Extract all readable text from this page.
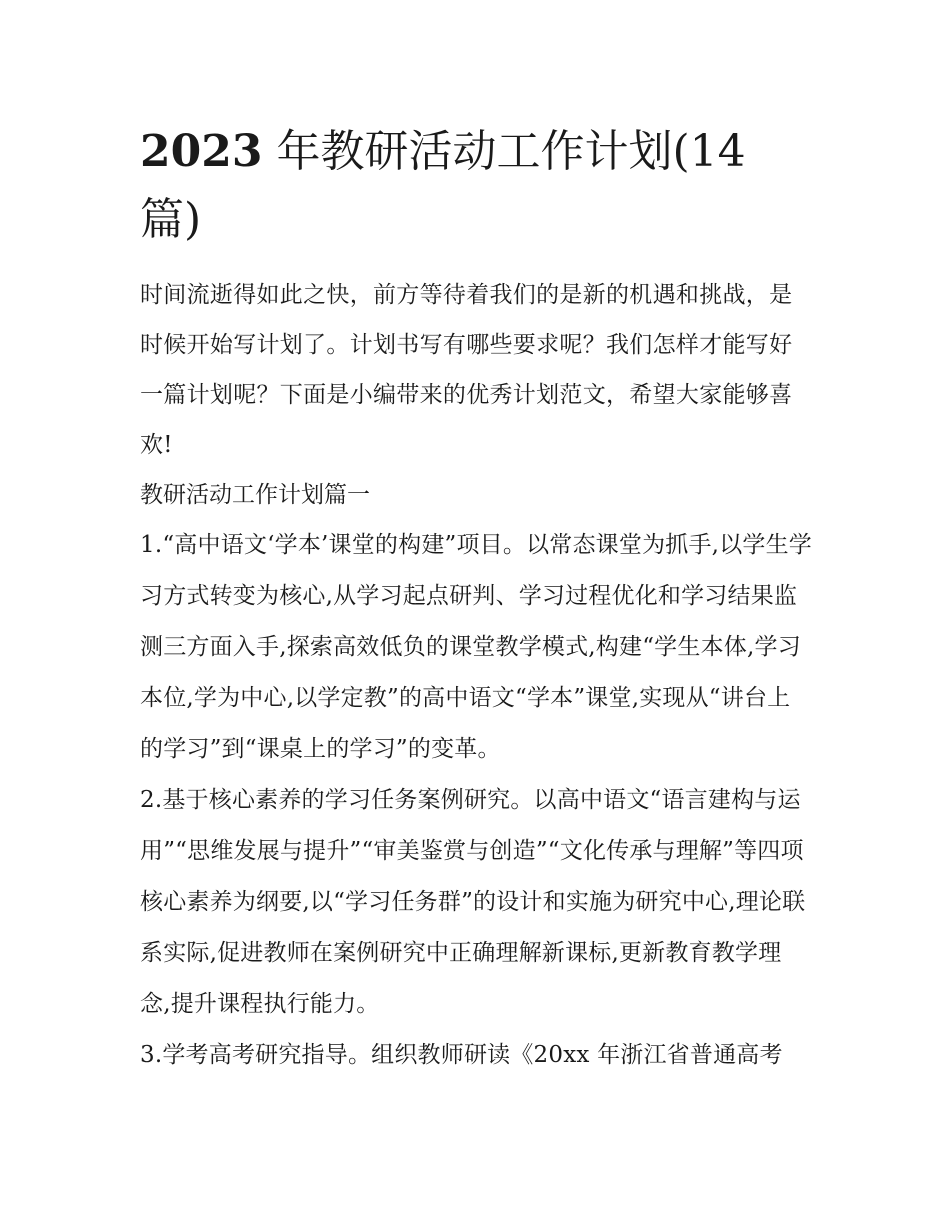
2023 年教研活动工作计划(14 篇)

时间流逝得如此之快，前方等待着我们的是新的机遇和挑战，是时候开始写计划了。计划书写有哪些要求呢？我们怎样才能写好一篇计划呢？下面是小编带来的优秀计划范文，希望大家能够喜欢!

教研活动工作计划篇一

1.“高中语文‘学本’课堂的构建”项目。以常态课堂为抓手,以学生学习方式转变为核心,从学习起点研判、学习过程优化和学习结果监测三方面入手,探索高效低负的课堂教学模式,构建“学生本体,学习本位,学为中心,以学定教”的高中语文“学本”课堂,实现从“讲台上的学习”到“课桌上的学习”的变革。

2.基于核心素养的学习任务案例研究。以高中语文“语言建构与运用”“思维发展与提升”“审美鉴赏与创造”“文化传承与理解”等四项核心素养为纲要,以“学习任务群”的设计和实施为研究中心,理论联系实际,促进教师在案例研究中正确理解新课标,更新教育教学理念,提升课程执行能力。

3.学考高考研究指导。组织教师研读《20xx 年浙江省普通高考
